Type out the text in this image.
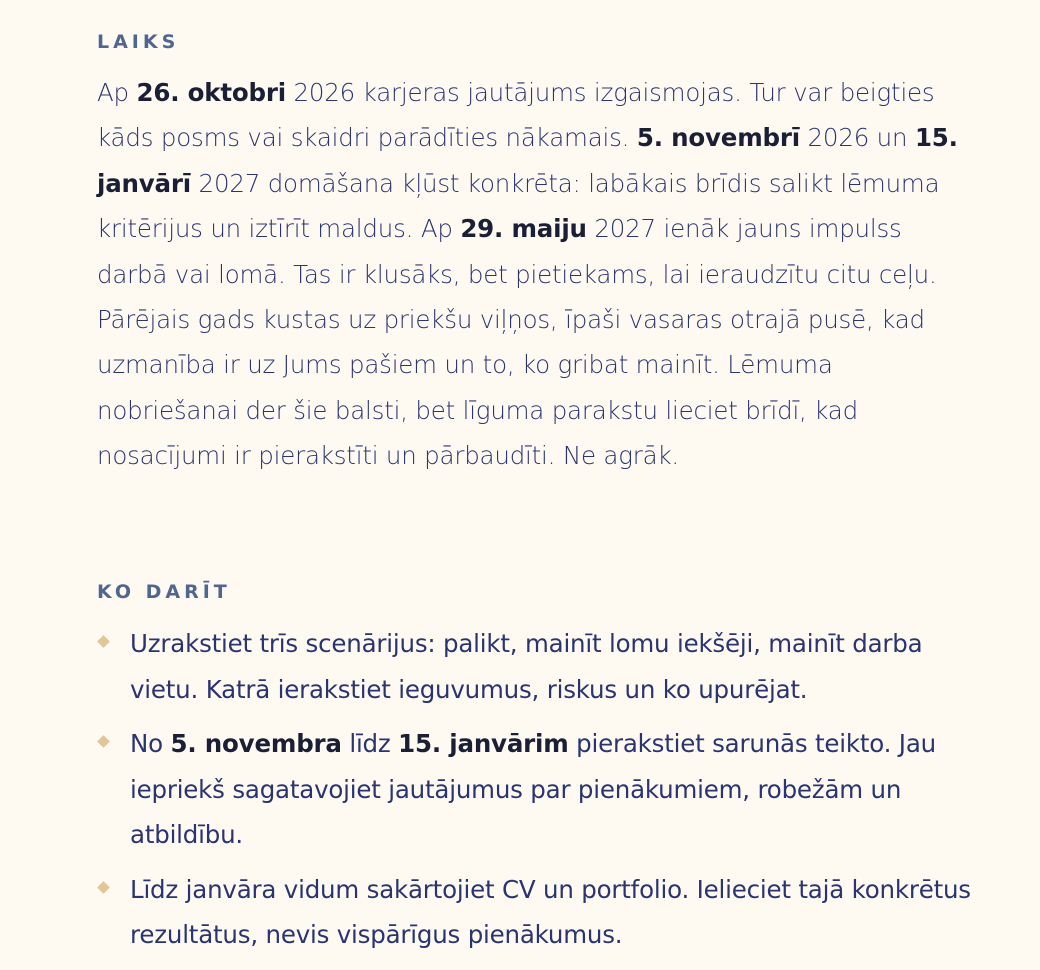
LAIKS

Ap 26. oktobri 2026 karjeras jautājums izgaismojas. Tur var beigties kāds posms vai skaidri parādīties nākamais. 5. novembrī 2026 un 15. janvārī 2027 domāšana kļūst konkrēta: labākais brīdis salikt lēmuma kritērijus un iztīrīt maldus. Ap 29. maiju 2027 ienāk jauns impulss darbā vai lomā. Tas ir klusāks, bet pietiekams, lai ieraudzītu citu ceļu. Pārējais gads kustas uz priekšu viļņos, īpaši vasaras otrajā pusē, kad uzmanība ir uz Jums pašiem un to, ko gribat mainīt. Lēmuma nobriešanai der šie balsti, bet līguma parakstu lieciet brīdī, kad nosacījumi ir pierakstīti un pārbaudīti. Ne agrāk.

KO DARĪT
Uzrakstiet trīs scenārijus: palikt, mainīt lomu iekšēji, mainīt darba vietu. Katrā ierakstiet ieguvumus, riskus un ko upurējat.
No 5. novembra līdz 15. janvārim pierakstiet sarunās teikto. Jau iepriekš sagatavojiet jautājumus par pienākumiem, robežām un atbildību.
Līdz janvāra vidum sakārtojiet CV un portfolio. Ielieciet tajā konkrētus rezultātus, nevis vispārīgus pienākumus.
